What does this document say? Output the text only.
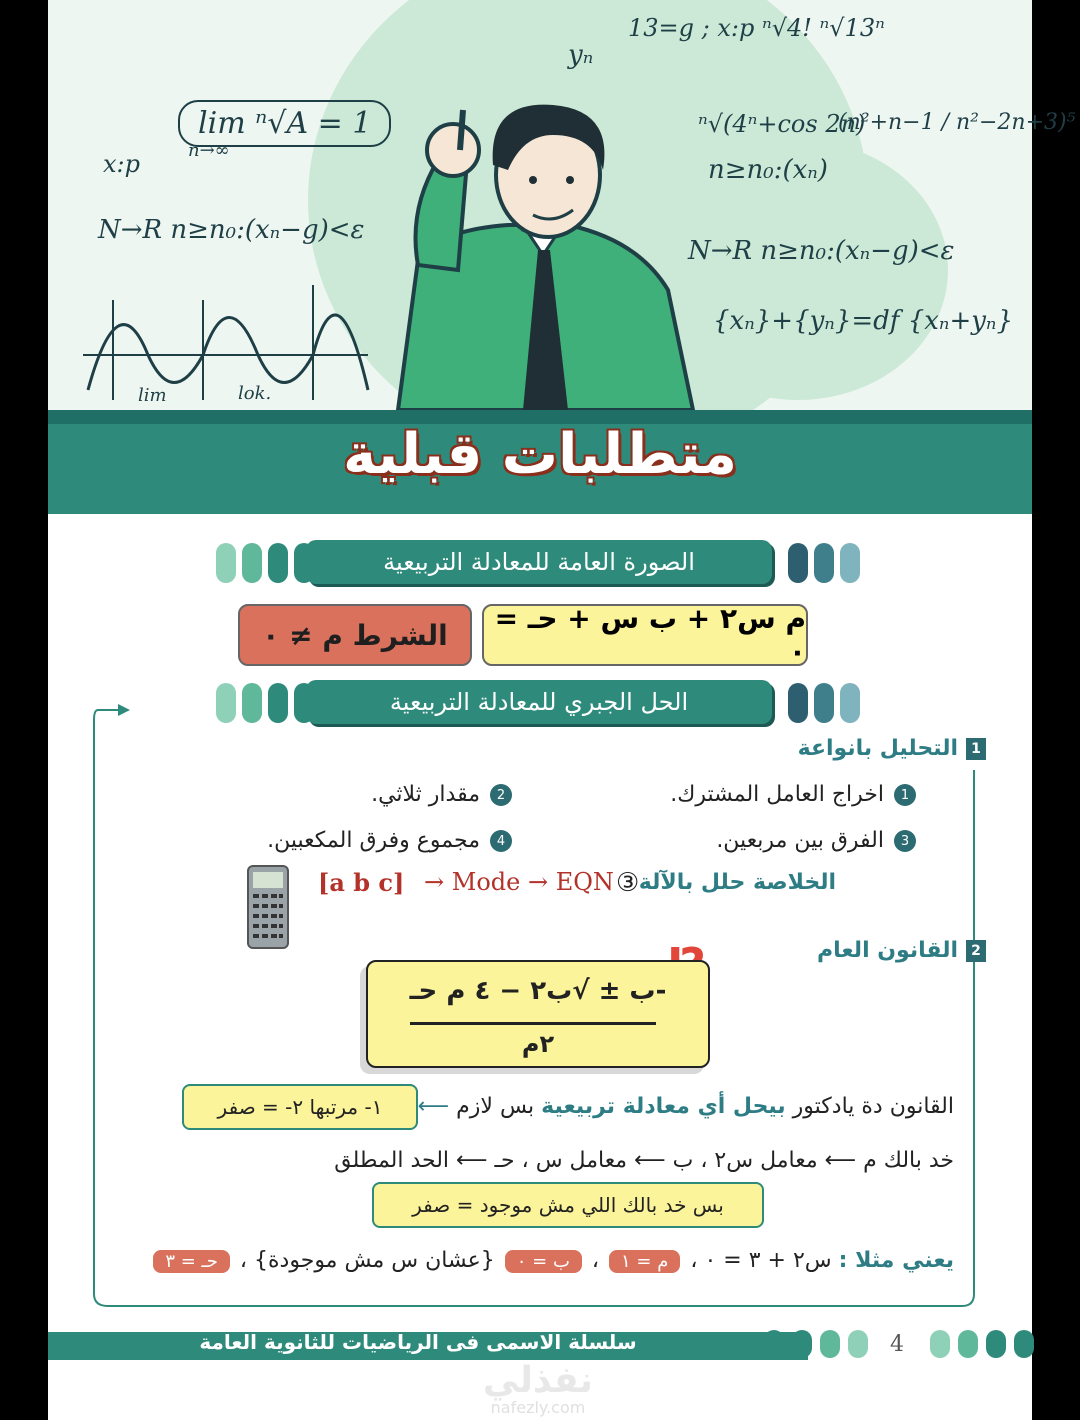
lim ⁿ√A = 1
n→∞
N→R n≥n₀:(xₙ−g)<ε
ⁿ√(4ⁿ+cos 2n)
n≥n₀:(xₙ)
(n²+n−1 / n²−2n+3)⁵
N→R n≥n₀:(xₙ−g)<ε
{xₙ}+{yₙ}=df {xₙ+yₙ}
13=g ; x:p ⁿ√4! ⁿ√13ⁿ
yₙ
x:p
lim	lok.
متطلبات قبلية
الصورة العامة للمعادلة التربيعية
م س٢ + ب س + حـ = ٠
الشرط م ≠ ٠
الحل الجبري للمعادلة التربيعية
1التحليل بانواعة
1اخراج العامل المشترك.
2مقدار ثلاثي.
3الفرق بين مربعين.
4مجموع وفرق المكعبين.
الخلاصة حلل بالآلة
③
→ Mode → EQN
[a b c]
2القانون العام
-ب ± √ب٢ − ٤ م حـ
٢م
القانون دة يادكتور بيحل أي معادلة تربيعية بس لازم ⟵
١- مرتبها ٢- = صفر
خد بالك م ⟵ معامل س٢ ، ب ⟵ معامل س ، حـ ⟵ الحد المطلق
بس خد بالك اللي مش موجود = صفر
يعني مثلا : س٢ + ٣ = ٠ ، م = ١ ، ب = ٠ {عشان س مش موجودة} ، حـ = ٣
سلسلة الاسمى فى الرياضيات للثانوية العامة	4
نفذلي
nafezly.com
